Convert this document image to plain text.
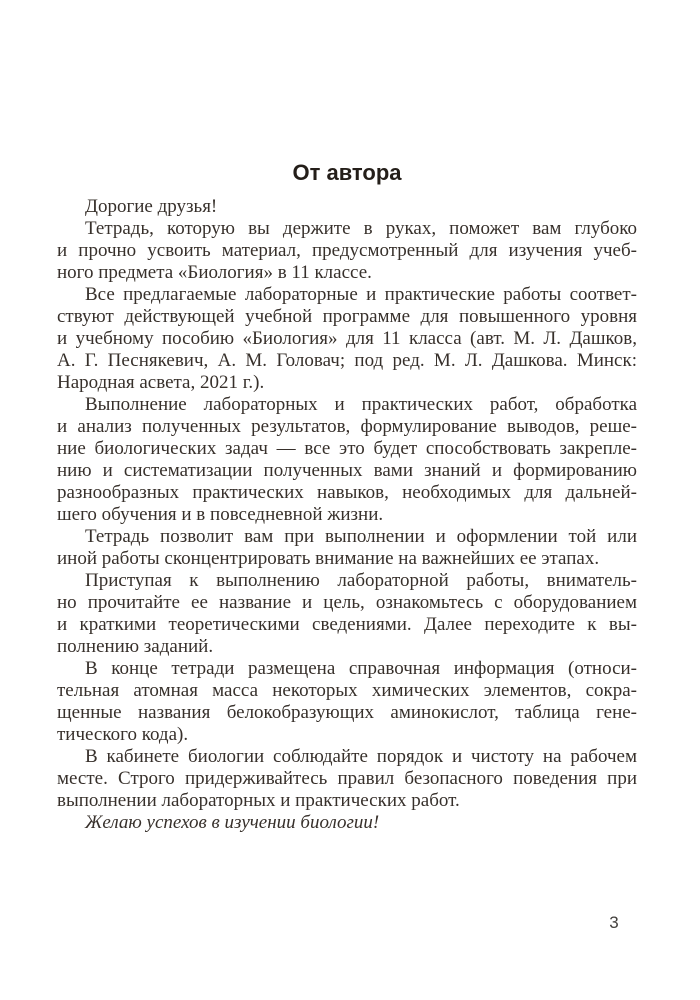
От автора
Дорогие друзья!
Тетрадь, которую вы держите в руках, поможет вам глубоко
и прочно усвоить материал, предусмотренный для изучения учеб-
ного предмета «Биология» в 11 классе.
Все предлагаемые лабораторные и практические работы соответ-
ствуют действующей учебной программе для повышенного уровня
и учебному пособию «Биология» для 11 класса (авт. М. Л. Дашков,
А. Г. Песнякевич, А. М. Головач; под ред. М. Л. Дашкова. Минск:
Народная асвета, 2021 г.).
Выполнение лабораторных и практических работ, обработка
и анализ полученных результатов, формулирование выводов, реше-
ние биологических задач — все это будет способствовать закрепле-
нию и систематизации полученных вами знаний и формированию
разнообразных практических навыков, необходимых для дальней-
шего обучения и в повседневной жизни.
Тетрадь позволит вам при выполнении и оформлении той или
иной работы сконцентрировать внимание на важнейших ее этапах.
Приступая к выполнению лабораторной работы, вниматель-
но прочитайте ее название и цель, ознакомьтесь с оборудованием
и краткими теоретическими сведениями. Далее переходите к вы-
полнению заданий.
В конце тетради размещена справочная информация (относи-
тельная атомная масса некоторых химических элементов, сокра-
щенные названия белокобразующих аминокислот, таблица гене-
тического кода).
В кабинете биологии соблюдайте порядок и чистоту на рабочем
месте. Строго придерживайтесь правил безопасного поведения при
выполнении лабораторных и практических работ.
Желаю успехов в изучении биологии!
3
